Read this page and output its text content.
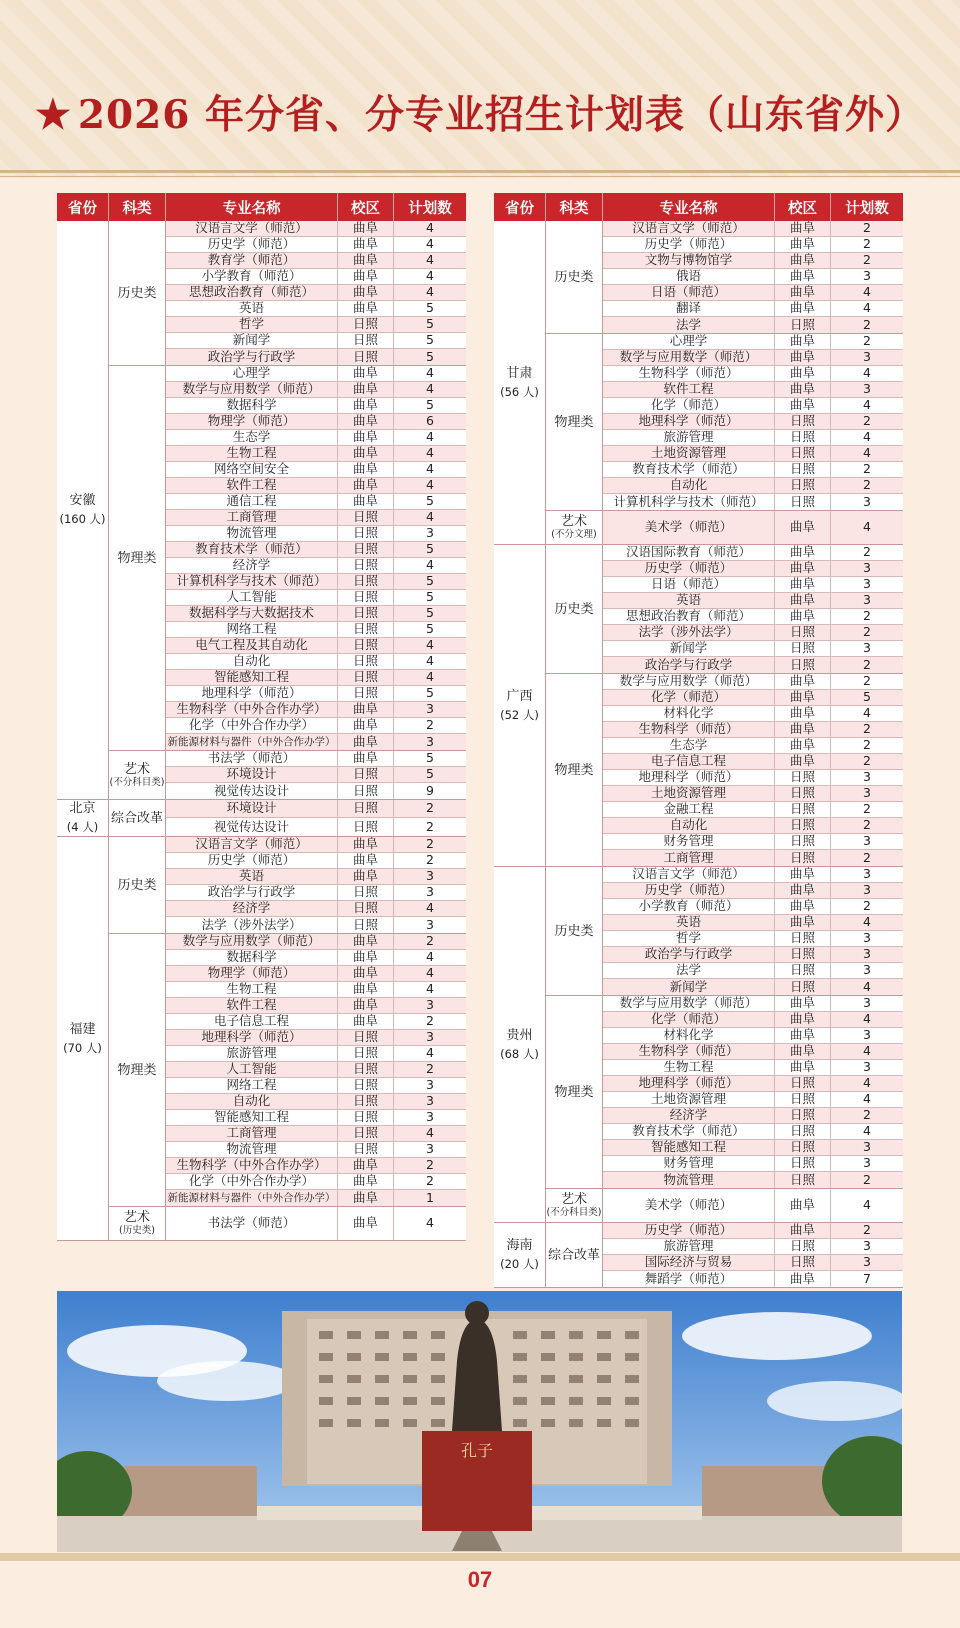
★ 2026 年分省、分专业招生计划表（山东省外）
省份	科类	专业名称	校区	计划数
安徽
(160 人)
历史类
汉语言文学（师范）	曲阜	4
历史学（师范）	曲阜	4
教育学（师范）	曲阜	4
小学教育（师范）	曲阜	4
思想政治教育（师范）	曲阜	4
英语	曲阜	5
哲学	日照	5
新闻学	日照	5
政治学与行政学	日照	5
物理类
心理学	曲阜	4
数学与应用数学（师范）	曲阜	4
数据科学	曲阜	5
物理学（师范）	曲阜	6
生态学	曲阜	4
生物工程	曲阜	4
网络空间安全	曲阜	4
软件工程	曲阜	4
通信工程	曲阜	5
工商管理	日照	4
物流管理	日照	3
教育技术学（师范）	日照	5
经济学	日照	4
计算机科学与技术（师范）	日照	5
人工智能	日照	5
数据科学与大数据技术	日照	5
网络工程	日照	5
电气工程及其自动化	日照	4
自动化	日照	4
智能感知工程	日照	4
地理科学（师范）	日照	5
生物科学（中外合作办学）	曲阜	3
化学（中外合作办学）	曲阜	2
新能源材料与器件（中外合作办学）	曲阜	3
艺术
(不分科目类)
书法学（师范）	曲阜	5
环境设计	日照	5
视觉传达设计	日照	9
北京
(4 人)
综合改革
环境设计	日照	2
视觉传达设计	日照	2
福建
(70 人)
历史类
汉语言文学（师范）	曲阜	2
历史学（师范）	曲阜	2
英语	曲阜	3
政治学与行政学	日照	3
经济学	日照	4
法学（涉外法学）	日照	3
物理类
数学与应用数学（师范）	曲阜	2
数据科学	曲阜	4
物理学（师范）	曲阜	4
生物工程	曲阜	4
软件工程	曲阜	3
电子信息工程	曲阜	2
地理科学（师范）	日照	3
旅游管理	日照	4
人工智能	日照	2
网络工程	日照	3
自动化	日照	3
智能感知工程	日照	3
工商管理	日照	4
物流管理	日照	3
生物科学（中外合作办学）	曲阜	2
化学（中外合作办学）	曲阜	2
新能源材料与器件（中外合作办学）	曲阜	1
艺术
(历史类)
书法学（师范）	曲阜	4
省份	科类	专业名称	校区	计划数
甘肃
(56 人)
历史类
汉语言文学（师范）	曲阜	2
历史学（师范）	曲阜	2
文物与博物馆学	曲阜	2
俄语	曲阜	3
日语（师范）	曲阜	4
翻译	曲阜	4
法学	日照	2
物理类
心理学	曲阜	2
数学与应用数学（师范）	曲阜	3
生物科学（师范）	曲阜	4
软件工程	曲阜	3
化学（师范）	曲阜	4
地理科学（师范）	日照	2
旅游管理	日照	4
土地资源管理	日照	4
教育技术学（师范）	日照	2
自动化	日照	2
计算机科学与技术（师范）	日照	3
艺术
(不分文理)
美术学（师范）	曲阜	4
广西
(52 人)
历史类
汉语国际教育（师范）	曲阜	2
历史学（师范）	曲阜	3
日语（师范）	曲阜	3
英语	曲阜	3
思想政治教育（师范）	曲阜	2
法学（涉外法学）	日照	2
新闻学	日照	3
政治学与行政学	日照	2
物理类
数学与应用数学（师范）	曲阜	2
化学（师范）	曲阜	5
材料化学	曲阜	4
生物科学（师范）	曲阜	2
生态学	曲阜	2
电子信息工程	曲阜	2
地理科学（师范）	日照	3
土地资源管理	日照	3
金融工程	日照	2
自动化	日照	2
财务管理	日照	3
工商管理	日照	2
贵州
(68 人)
历史类
汉语言文学（师范）	曲阜	3
历史学（师范）	曲阜	3
小学教育（师范）	曲阜	2
英语	曲阜	4
哲学	日照	3
政治学与行政学	日照	3
法学	日照	3
新闻学	日照	4
物理类
数学与应用数学（师范）	曲阜	3
化学（师范）	曲阜	4
材料化学	曲阜	3
生物科学（师范）	曲阜	4
生物工程	曲阜	3
地理科学（师范）	日照	4
土地资源管理	日照	4
经济学	日照	2
教育技术学（师范）	日照	4
智能感知工程	日照	3
财务管理	日照	3
物流管理	日照	2
艺术
(不分科目类)
美术学（师范）	曲阜	4
海南
(20 人)
综合改革
历史学（师范）	曲阜	2
旅游管理	日照	3
国际经济与贸易	日照	3
舞蹈学（师范）	曲阜	7
孔子
07
